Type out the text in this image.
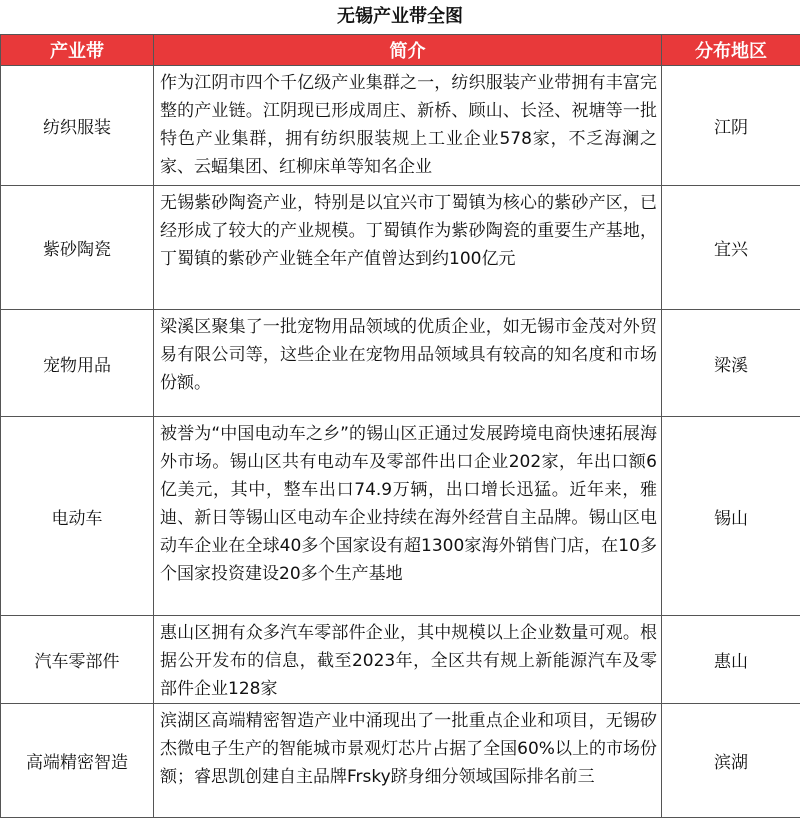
无锡产业带全图
产业带	简介	分布地区
纺织服装	作为江阴市四个千亿级产业集群之一，纺织服装产业带拥有丰富完整的产业链。江阴现已形成周庄、新桥、顾山、长泾、祝塘等一批特色产业集群，拥有纺织服装规上工业企业578家，不乏海澜之家、云蝠集团、红柳床单等知名企业	江阴
紫砂陶瓷	无锡紫砂陶瓷产业，特别是以宜兴市丁蜀镇为核心的紫砂产区，已经形成了较大的产业规模。丁蜀镇作为紫砂陶瓷的重要生产基地，丁蜀镇的紫砂产业链全年产值曾达到约100亿元	宜兴
宠物用品	梁溪区聚集了一批宠物用品领域的优质企业，如无锡市金茂对外贸易有限公司等，这些企业在宠物用品领域具有较高的知名度和市场份额。	梁溪
电动车	被誉为“中国电动车之乡”的锡山区正通过发展跨境电商快速拓展海外市场。锡山区共有电动车及零部件出口企业202家，年出口额6亿美元，其中，整车出口74.9万辆，出口增长迅猛。近年来，雅迪、新日等锡山区电动车企业持续在海外经营自主品牌。锡山区电动车企业在全球40多个国家设有超1300家海外销售门店，在10多个国家投资建设20多个生产基地	锡山
汽车零部件	惠山区拥有众多汽车零部件企业，其中规模以上企业数量可观。根据公开发布的信息，截至2023年，全区共有规上新能源汽车及零部件企业128家	惠山
高端精密智造	滨湖区高端精密智造产业中涌现出了一批重点企业和项目，无锡矽杰微电子生产的智能城市景观灯芯片占据了全国60%以上的市场份额；睿思凯创建自主品牌Frsky跻身细分领域国际排名前三	滨湖
